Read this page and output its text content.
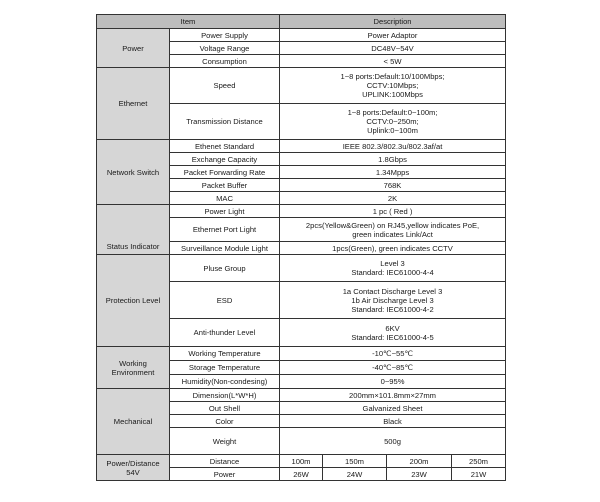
Item		Description			
Power	Power Supply	Power Adaptor			
	Voltage Range	DC48V~54V			
	Consumption	< 5W			
Ethernet	Speed	1~8 ports:Default:10/100Mbps;
CCTV:10Mbps;
UPLINK:100Mbps			
	Transmission Distance	1~8 ports:Default:0~100m;
CCTV:0~250m;
Uplink:0~100m			
Network Switch	Ethenet Standard	IEEE 802.3/802.3u/802.3af/at			
	Exchange Capacity	1.8Gbps			
	Packet Forwarding Rate	1.34Mpps			
	Packet Buffer	768K			
	MAC	2K			
Status Indicator	Power Light	1 pc ( Red )			
	Ethernet Port Light	2pcs(Yellow&Green) on RJ45,yellow indicates PoE,
green indicates Link/Act			
	Surveillance Module Light	1pcs(Green), green indicates CCTV			
Protection Level	Pluse Group	Level 3
Standard: IEC61000-4-4			
	ESD	1a Contact Discharge Level 3
1b Air Discharge Level 3
Standard: IEC61000-4-2			
	Anti-thunder Level	6KV
Standard: IEC61000-4-5			
Working Environment	Working Temperature	-10℃~55℃			
	Storage Temperature	-40℃~85℃			
	Humidity(Non-condesing)	0~95%			
Mechanical	Dimension(L*W*H)	200mm×101.8mm×27mm			
	Out Shell	Galvanized Sheet			
	Color	Black			
	Weight	500g			
Power/Distance 54V	Distance	100m	150m	200m	250m
	Power	26W	24W	23W	21W
